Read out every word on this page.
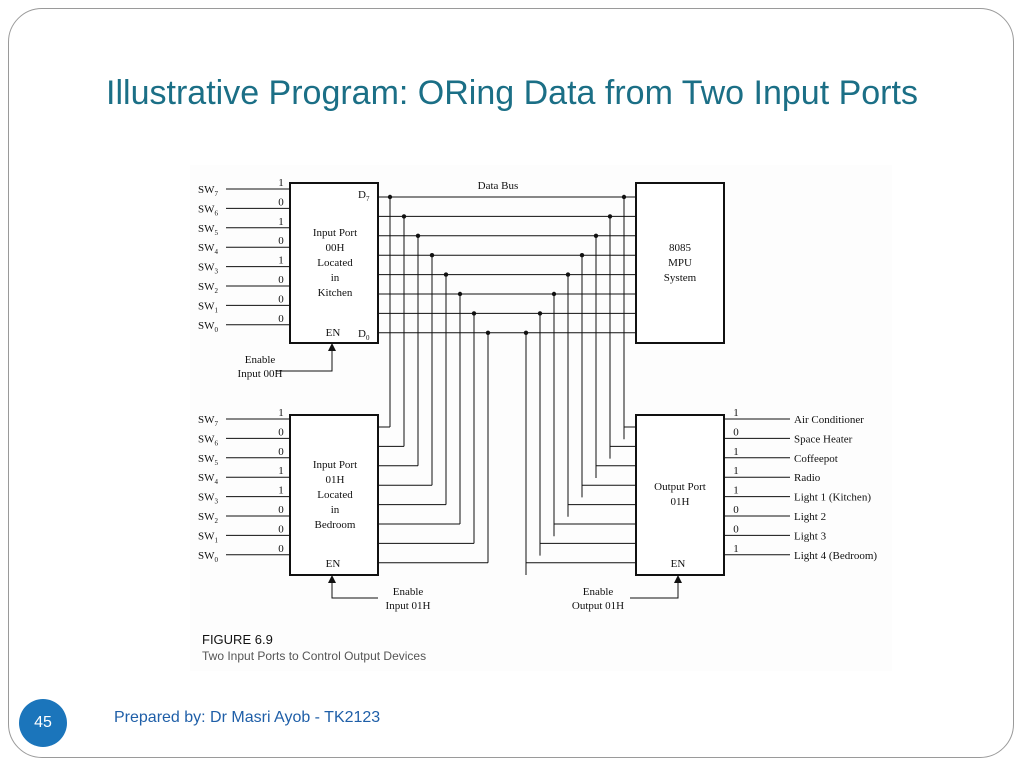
Illustrative Program: ORing Data from Two Input Ports
Input Port
00H
Located
in
Kitchen
EN
$D_7$
$D_0$
Input Port
01H
Located
in
Bedroom
EN
8085
MPU
System
Output Port
01H
EN
Data Bus
Enable
Input 00H
Enable
Input 01H
Enable
Output 01H
FIGURE 6.9
Two Input Ports to Control Output Devices
$SW_7$
1
$SW_6$
0
$SW_5$
1
$SW_4$
0
$SW_3$
1
$SW_2$
0
$SW_1$
0
$SW_0$
0
$SW_7$
1
$SW_6$
0
$SW_5$
0
$SW_4$
1
$SW_3$
1
$SW_2$
0
$SW_1$
0
$SW_0$
0
1
Air Conditioner
0
Space Heater
1
Coffeepot
1
Radio
1
Light 1 (Kitchen)
0
Light 2
0
Light 3
1
Light 4 (Bedroom)
45	Prepared by: Dr Masri Ayob - TK2123
